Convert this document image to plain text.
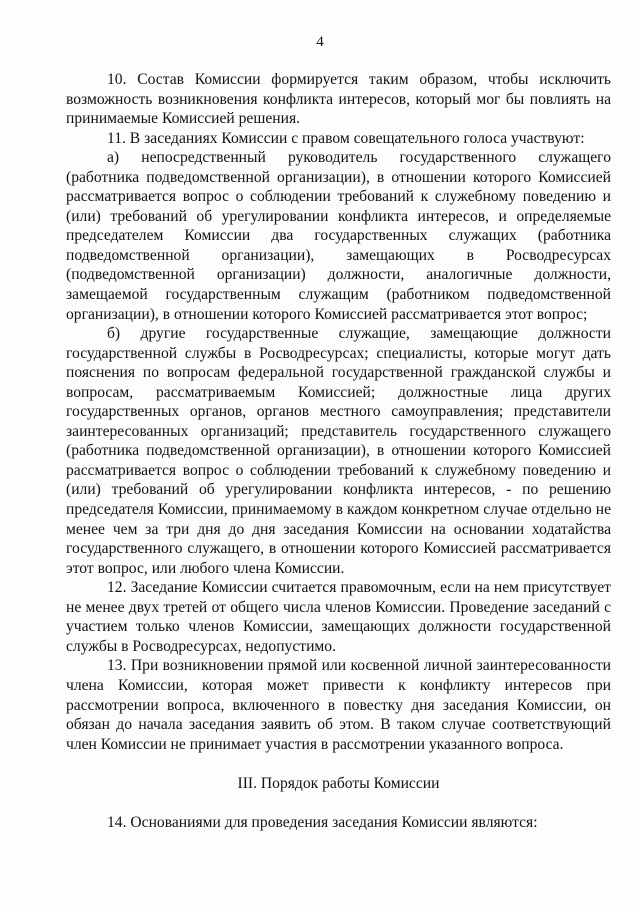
4

10. Состав Комиссии формируется таким образом, чтобы исключить возможность возникновения конфликта интересов, который мог бы повлиять на принимаемые Комиссией решения.

11. В заседаниях Комиссии с правом совещательного голоса участвуют:

а) непосредственный руководитель государственного служащего (работника подведомственной организации), в отношении которого Комиссией рассматривается вопрос о соблюдении требований к служебному поведению и (или) требований об урегулировании конфликта интересов, и определяемые председателем Комиссии два государственных служащих (работника подведомственной организации), замещающих в Росводресурсах (подведомственной организации) должности, аналогичные должности, замещаемой государственным служащим (работником подведомственной организации), в отношении которого Комиссией рассматривается этот вопрос;

б) другие государственные служащие, замещающие должности государственной службы в Росводресурсах; специалисты, которые могут дать пояснения по вопросам федеральной государственной гражданской службы и вопросам, рассматриваемым Комиссией; должностные лица других государственных органов, органов местного самоуправления; представители заинтересованных организаций; представитель государственного служащего (работника подведомственной организации), в отношении которого Комиссией рассматривается вопрос о соблюдении требований к служебному поведению и (или) требований об урегулировании конфликта интересов, - по решению председателя Комиссии, принимаемому в каждом конкретном случае отдельно не менее чем за три дня до дня заседания Комиссии на основании ходатайства государственного служащего, в отношении которого Комиссией рассматривается этот вопрос, или любого члена Комиссии.

12. Заседание Комиссии считается правомочным, если на нем присутствует не менее двух третей от общего числа членов Комиссии. Проведение заседаний с участием только членов Комиссии, замещающих должности государственной службы в Росводресурсах, недопустимо.

13. При возникновении прямой или косвенной личной заинтересованности члена Комиссии, которая может привести к конфликту интересов при рассмотрении вопроса, включенного в повестку дня заседания Комиссии, он обязан до начала заседания заявить об этом. В таком случае соответствующий член Комиссии не принимает участия в рассмотрении указанного вопроса.

III. Порядок работы Комиссии

14. Основаниями для проведения заседания Комиссии являются:
